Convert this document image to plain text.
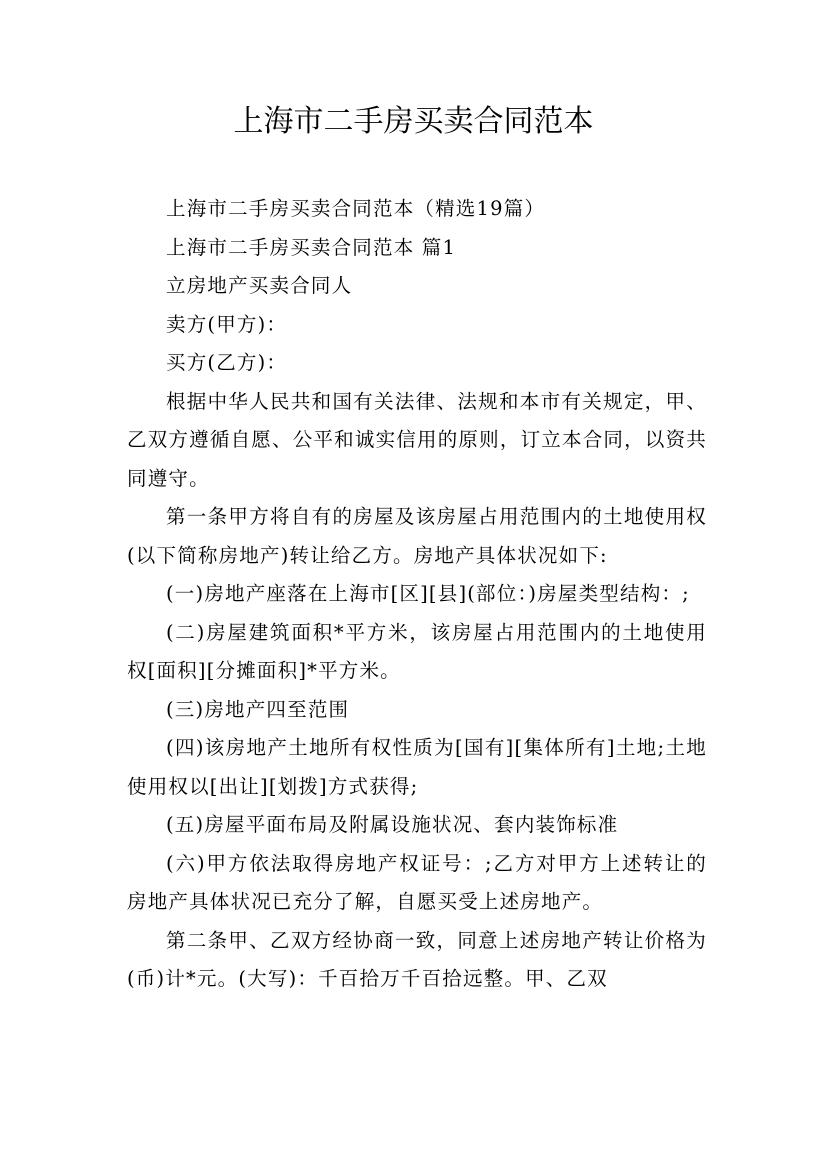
上海市二手房买卖合同范本

上海市二手房买卖合同范本（精选19篇）

上海市二手房买卖合同范本 篇1

立房地产买卖合同人

卖方(甲方)：

买方(乙方)：

根据中华人民共和国有关法律、法规和本市有关规定，甲、乙双方遵循自愿、公平和诚实信用的原则，订立本合同，以资共同遵守。

第一条甲方将自有的房屋及该房屋占用范围内的土地使用权(以下简称房地产)转让给乙方。房地产具体状况如下:

(一)房地产座落在上海市[区][县](部位：)房屋类型结构：;

(二)房屋建筑面积*平方米，该房屋占用范围内的土地使用权[面积][分摊面积]*平方米。

(三)房地产四至范围

(四)该房地产土地所有权性质为[国有][集体所有]土地;土地使用权以[出让][划拨]方式获得;

(五)房屋平面布局及附属设施状况、套内装饰标准

(六)甲方依法取得房地产权证号：;乙方对甲方上述转让的房地产具体状况已充分了解，自愿买受上述房地产。

第二条甲、乙双方经协商一致，同意上述房地产转让价格为(币)计*元。(大写)：千百拾万千百拾远整。甲、乙双
